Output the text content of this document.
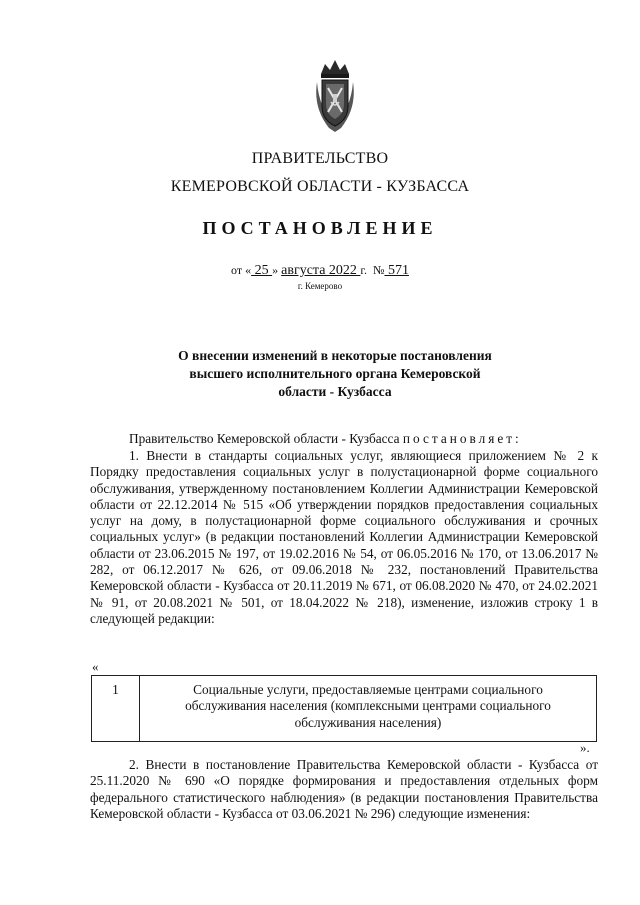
ПРАВИТЕЛЬСТВО
КЕМЕРОВСКОЙ ОБЛАСТИ - КУЗБАССА
ПОСТАНОВЛЕНИЕ
от « 25 » августа 2022 г. № 571
г. Кемерово
О внесении изменений в некоторые постановления
высшего исполнительного органа Кемеровской
области - Кузбасса
Правительство Кемеровской области - Кузбасса постановляет:
1. Внести в стандарты социальных услуг, являющиеся приложением № 2 к Порядку предоставления социальных услуг в полустационарной форме социального обслуживания, утвержденному постановлением Коллегии Администрации Кемеровской области от 22.12.2014 № 515 «Об утверждении порядков предоставления социальных услуг на дому, в полустационарной форме социального обслуживания и срочных социальных услуг» (в редакции постановлений Коллегии Администрации Кемеровской области от 23.06.2015 № 197, от 19.02.2016 № 54, от 06.05.2016 № 170, от 13.06.2017 № 282, от 06.12.2017 № 626, от 09.06.2018 № 232, постановлений Правительства Кемеровской области - Кузбасса от 20.11.2019 № 671, от 06.08.2020 № 470, от 24.02.2021 № 91, от 20.08.2021 № 501, от 18.04.2022 № 218), изменение, изложив строку 1 в следующей редакции:
«
1	Социальные услуги, предоставляемые центрами социального обслуживания населения (комплексными центрами социального обслуживания населения)
».
2. Внести в постановление Правительства Кемеровской области - Кузбасса от 25.11.2020 № 690 «О порядке формирования и предоставления отдельных форм федерального статистического наблюдения» (в редакции постановления Правительства Кемеровской области - Кузбасса от 03.06.2021 № 296) следующие изменения:
